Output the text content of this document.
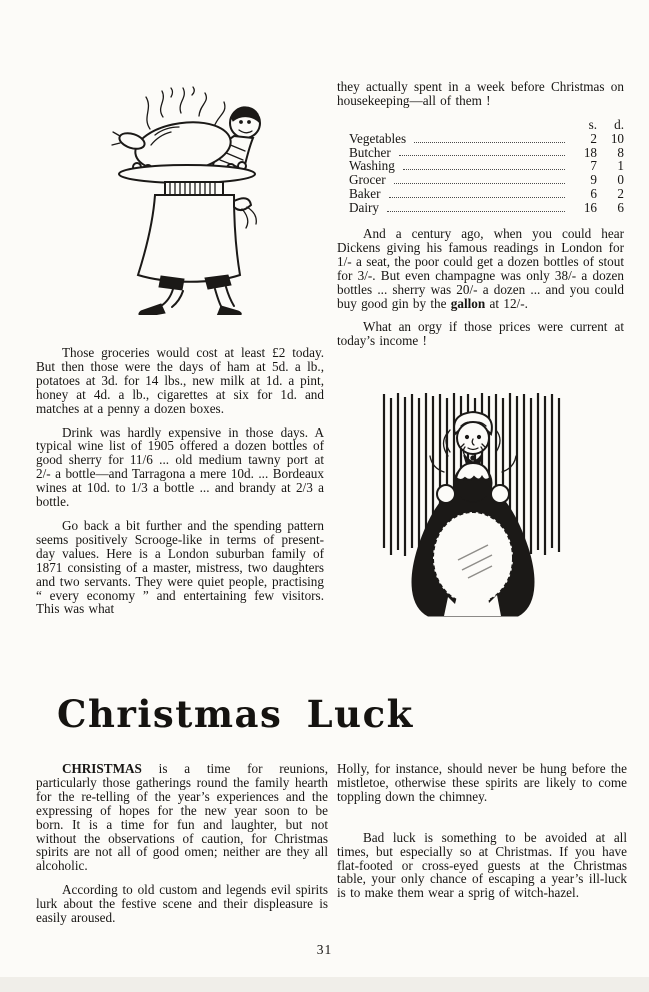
they actually spent in a week before Christmas on housekeeping—all of them !

s.	d.
Vegetables	2	10
Butcher	18	8
Washing	7	1
Grocer	9	0
Baker	6	2
Dairy	16	6

And a century ago, when you could hear Dickens giving his famous readings in London for 1/- a seat, the poor could get a dozen bottles of stout for 3/-. But even champagne was only 38/- a dozen bottles ... sherry was 20/- a dozen ... and you could buy good gin by the gallon at 12/-.

What an orgy if those prices were current at today’s income !

Those groceries would cost at least £2 today. But then those were the days of ham at 5d. a lb., potatoes at 3d. for 14 lbs., new milk at 1d. a pint, honey at 4d. a lb., cigarettes at six for 1d. and matches at a penny a dozen boxes.

Drink was hardly expensive in those days. A typical wine list of 1905 offered a dozen bottles of good sherry for 11/6 ... old medium tawny port at 2/- a bottle—and Tarragona a mere 10d. ... Bordeaux wines at 10d. to 1/3 a bottle ... and brandy at 2/3 a bottle.

Go back a bit further and the spending pattern seems positively Scrooge-like in terms of present-day values. Here is a London suburban family of 1871 consisting of a master, mistress, two daughters and two servants. They were quiet people, practising “ every economy ” and entertaining few visitors. This was what

Christmas Luck

CHRISTMAS is a time for reunions, particularly those gatherings round the family hearth for the re-telling of the year’s experiences and the expressing of hopes for the new year soon to be born. It is a time for fun and laughter, but not without the observations of caution, for Christmas spirits are not all of good omen; neither are they all alcoholic.

According to old custom and legends evil spirits lurk about the festive scene and their displeasure is easily aroused.

Holly, for instance, should never be hung before the mistletoe, otherwise these spirits are likely to come toppling down the chimney.

Bad luck is something to be avoided at all times, but especially so at Christmas. If you have flat-footed or cross-eyed guests at the Christmas table, your only chance of escaping a year’s ill-luck is to make them wear a sprig of witch-hazel.

31
